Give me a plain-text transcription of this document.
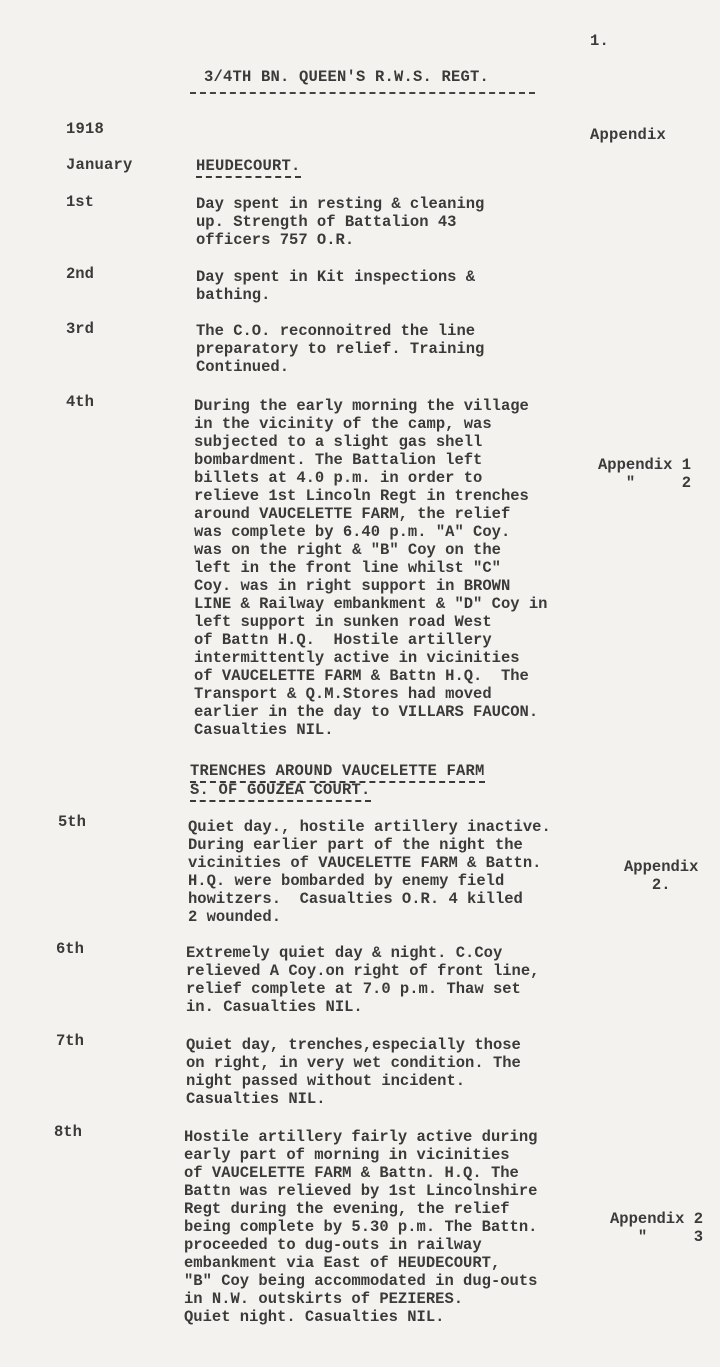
1.
3/4TH BN. QUEEN'S R.W.S. REGT.
1918	Appendix
January	HEUDECOURT.
1st	Day spent in resting & cleaning
up. Strength of Battalion 43
officers 757 O.R.
2nd	Day spent in Kit inspections &
bathing.
3rd	The C.O. reconnoitred the line
preparatory to relief. Training
Continued.
4th	During the early morning the village
in the vicinity of the camp, was
subjected to a slight gas shell
bombardment. The Battalion left
billets at 4.0 p.m. in order to
relieve 1st Lincoln Regt in trenches
around VAUCELETTE FARM, the relief
was complete by 6.40 p.m. "A" Coy.
was on the right & "B" Coy on the
left in the front line whilst "C"
Coy. was in right support in BROWN
LINE & Railway embankment & "D" Coy in
left support in sunken road West
of Battn H.Q.  Hostile artillery
intermittently active in vicinities
of VAUCELETTE FARM & Battn H.Q.  The
Transport & Q.M.Stores had moved
earlier in the day to VILLARS FAUCON.
Casualties NIL.
Appendix 1
"     2
TRENCHES AROUND VAUCELETTE FARM
S. OF GOUZEA COURT.
5th	Quiet day., hostile artillery inactive.
During earlier part of the night the
vicinities of VAUCELETTE FARM & Battn.
H.Q. were bombarded by enemy field
howitzers.  Casualties O.R. 4 killed
2 wounded.
Appendix
2.
6th	Extremely quiet day & night. C.Coy
relieved A Coy.on right of front line,
relief complete at 7.0 p.m. Thaw set
in. Casualties NIL.
7th	Quiet day, trenches,especially those
on right, in very wet condition. The
night passed without incident.
Casualties NIL.
8th	Hostile artillery fairly active during
early part of morning in vicinities
of VAUCELETTE FARM & Battn. H.Q. The
Battn was relieved by 1st Lincolnshire
Regt during the evening, the relief
being complete by 5.30 p.m. The Battn.
proceeded to dug-outs in railway
embankment via East of HEUDECOURT,
"B" Coy being accommodated in dug-outs
in N.W. outskirts of PEZIERES.
Quiet night. Casualties NIL.
Appendix 2
"     3
